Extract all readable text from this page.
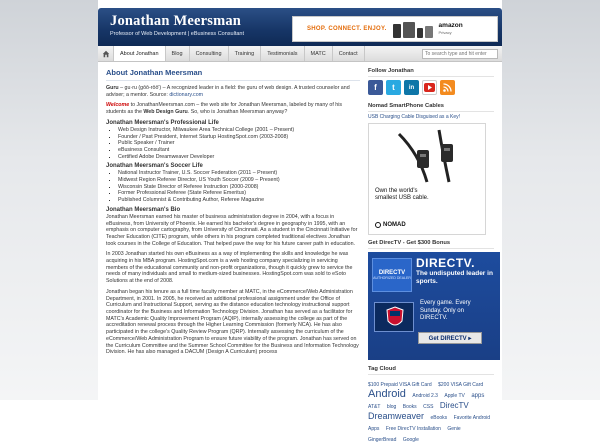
Jonathan Meersman
Professor of Web Development | eBusiness Consultant
SHOP. CONNECT. ENJOY.	amazon
Privacy
About Jonathan	Blog	Consulting	Training	Testimonials	MATC	Contact
To search type and hit enter
About Jonathan Meersman

Guru – gu·ru (gōō-rōō') – A recognized leader in a field: the guru of web design. A trusted counselor and adviser; a mentor. Source: dictionary.com

Welcome to JonathanMeersman.com – the web site for Jonathan Meersman, labeled by many of his students as the Web Design Guru. So, who is Jonathan Meersman anyway?

Jonathan Meersman's Professional Life
▪ Web Design Instructor, Milwaukee Area Technical College (2001 – Present)
▪ Founder / Past President, Internet Startup HostingSpot.com (2003-2008)
▪ Public Speaker / Trainer
▪ eBusiness Consultant
▪ Certified Adobe Dreamweaver Developer
Jonathan Meersman's Soccer Life
▪ National Instructor Trainer, U.S. Soccer Federation (2011 – Present)
▪ Midwest Region Referee Director, US Youth Soccer (2009 – Present)
▪ Wisconsin State Director of Referee Instruction (2000-2008)
▪ Former Professional Referee (State Referee Emeritus)
▪ Published Columnist & Contributing Author, Referee Magazine
Jonathan Meersman's Bio

Jonathan Meersman earned his master of business administration degree in 2004, with a focus in eBusiness, from University of Phoenix. He earned his bachelor's degree in geography in 1995, with an emphasis on computer cartography, from University of Cincinnati. As a student in the Cincinnati Initiative for Teacher Education (CITE) program, while others in his program completed traditional electives Jonathan took courses in the College of Education. That helped pave the way for his future career path in education.

In 2003 Jonathan started his own eBusiness as a way of implementing the skills and knowledge he was acquiring in his MBA program. HostingSpot.com is a web hosting company specializing in servicing members of the educational community and non-profit organizations, though it quickly grew to service the needs of many individuals and small to medium-sized businesses. HostingSpot.com was sold to eSoto Solutions at the end of 2008.

Jonathan began his tenure as a full time faculty member at MATC, in the eCommerce/Web Administration Department, in 2001. In 2005, he received an additional professional assignment under the Office of Curriculum and Instructional Support, serving as the distance education technology instructional support coordinator for the Business and Information Technology Division. Jonathan has served as a facilitator for MATC's Academic Quality Improvement Program (AQIP), internally assessing the college as part of the accreditation renewal process through the Higher Learning Commission (formerly NCA). He has also participated in the college's Quality Review Program (QRP). Internally assessing the curriculum of the eCommerce/Web Administration Program to ensure future viability of the program. Jonathan has served on the Curriculum Committee and the Summer School Committee for the Business and Information Technology Division. He has also managed a DACUM (Design A Curriculum) process

Follow Jonathan
f	t	in
Nomad SmartPhone Cables
USB Charging Cable Disguised as a Key!
Own the world's smallest USB cable.
NOMAD
Get DirecTV - Get $300 Bonus
DIRECTV
AUTHORIZED DEALER
DIRECTV.
The undisputed leader in sports.
Every game. Every Sunday. Only on DIRECTV.
Get DIRECTV ▸
Tag Cloud
$100 Prepaid VISA Gift Card $200 VISA Gift Card Android Android 2.3 Apple TV apps AT&T blog Books CSS DirecTV Dreamweaver eBooks Favorite Android Apps Free DirecTV Installation Genie GingerBread Google
